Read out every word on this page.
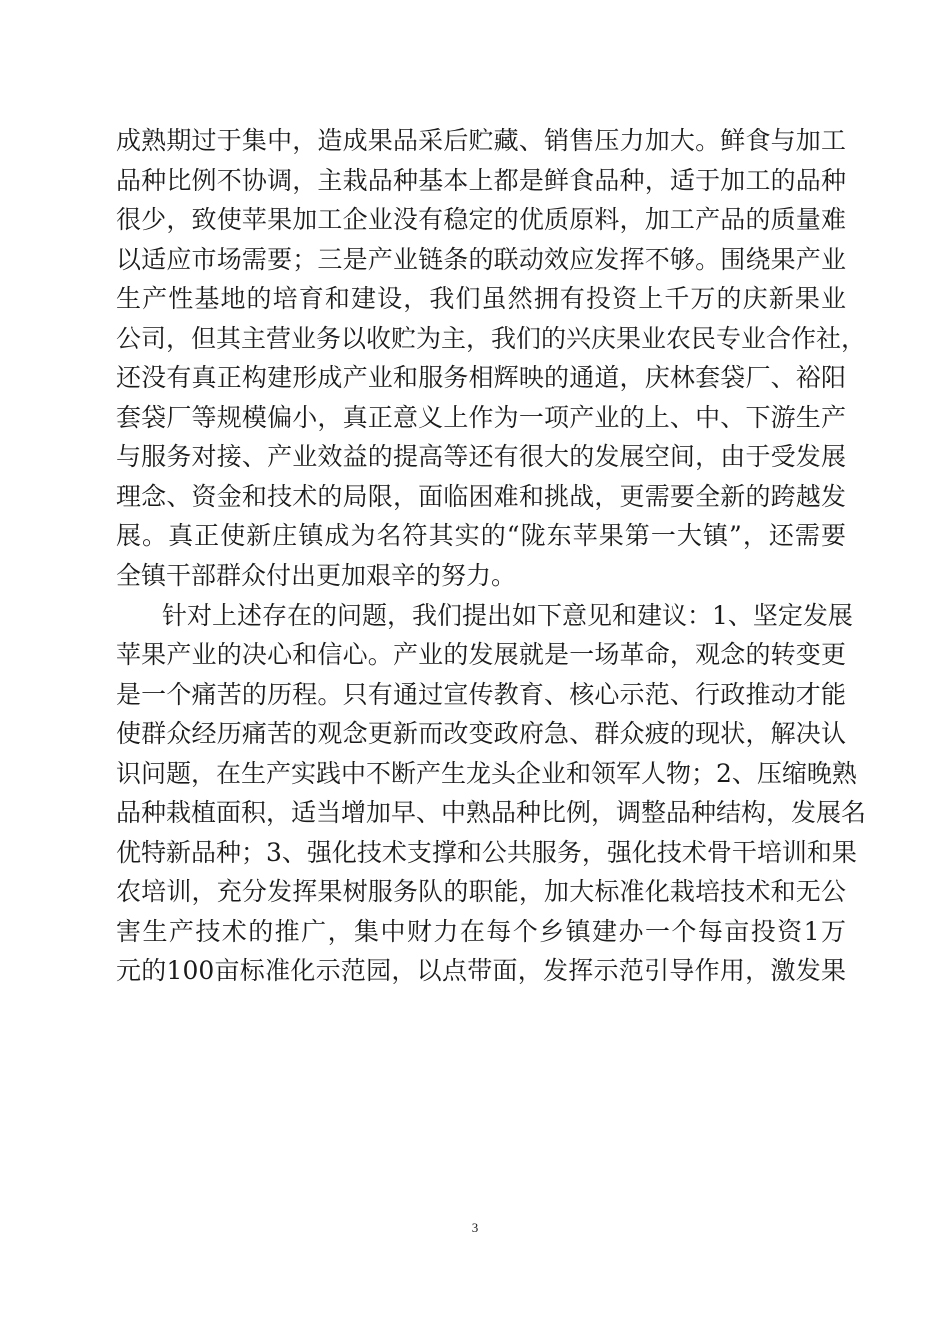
成熟期过于集中，造成果品采后贮藏、销售压力加大。鲜食与加工
品种比例不协调，主栽品种基本上都是鲜食品种，适于加工的品种
很少，致使苹果加工企业没有稳定的优质原料，加工产品的质量难
以适应市场需要；三是产业链条的联动效应发挥不够。围绕果产业
生产性基地的培育和建设，我们虽然拥有投资上千万的庆新果业
公司，但其主营业务以收贮为主，我们的兴庆果业农民专业合作社，
还没有真正构建形成产业和服务相辉映的通道，庆林套袋厂、裕阳
套袋厂等规模偏小，真正意义上作为一项产业的上、中、下游生产
与服务对接、产业效益的提高等还有很大的发展空间，由于受发展
理念、资金和技术的局限，面临困难和挑战，更需要全新的跨越发
展。真正使新庄镇成为名符其实的“陇东苹果第一大镇”，还需要
全镇干部群众付出更加艰辛的努力。
针对上述存在的问题，我们提出如下意见和建议：1、坚定发展
苹果产业的决心和信心。产业的发展就是一场革命，观念的转变更
是一个痛苦的历程。只有通过宣传教育、核心示范、行政推动才能
使群众经历痛苦的观念更新而改变政府急、群众疲的现状，解决认
识问题，在生产实践中不断产生龙头企业和领军人物；2、压缩晚熟
品种栽植面积，适当增加早、中熟品种比例，调整品种结构，发展名
优特新品种；3、强化技术支撑和公共服务，强化技术骨干培训和果
农培训，充分发挥果树服务队的职能，加大标准化栽培技术和无公
害生产技术的推广，集中财力在每个乡镇建办一个每亩投资1万
元的100亩标准化示范园，以点带面，发挥示范引导作用，激发果
3
